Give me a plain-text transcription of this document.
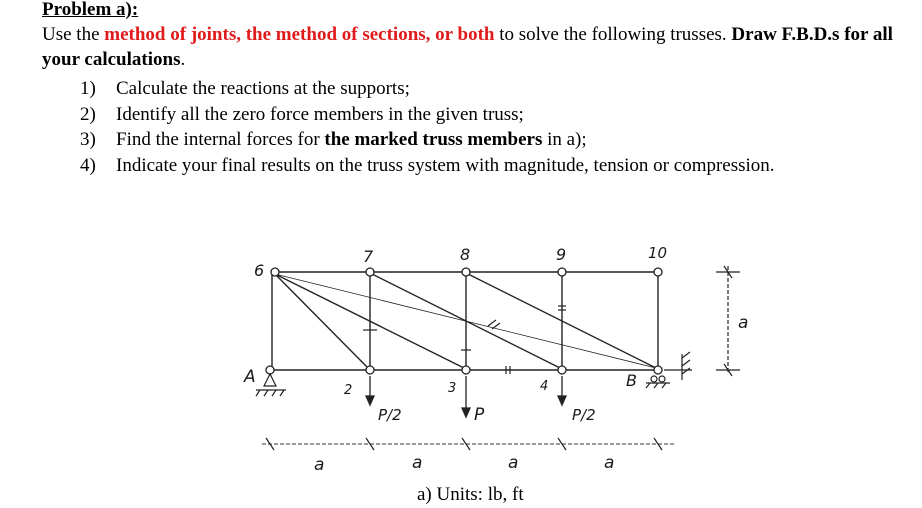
Problem a):
Use the method of joints, the method of sections, or both to solve the following trusses. Draw F.B.D.s for all your calculations.
1) Calculate the reactions at the supports;
2) Identify all the zero force members in the given truss;
3) Find the internal forces for the marked truss members in a);
4) Indicate your final results on the truss system with magnitude, tension or compression.
6
7	8	9	10
A
2	3	4	B
P/2	P	P/2
a	a	a	a
a
a) Units: lb, ft
